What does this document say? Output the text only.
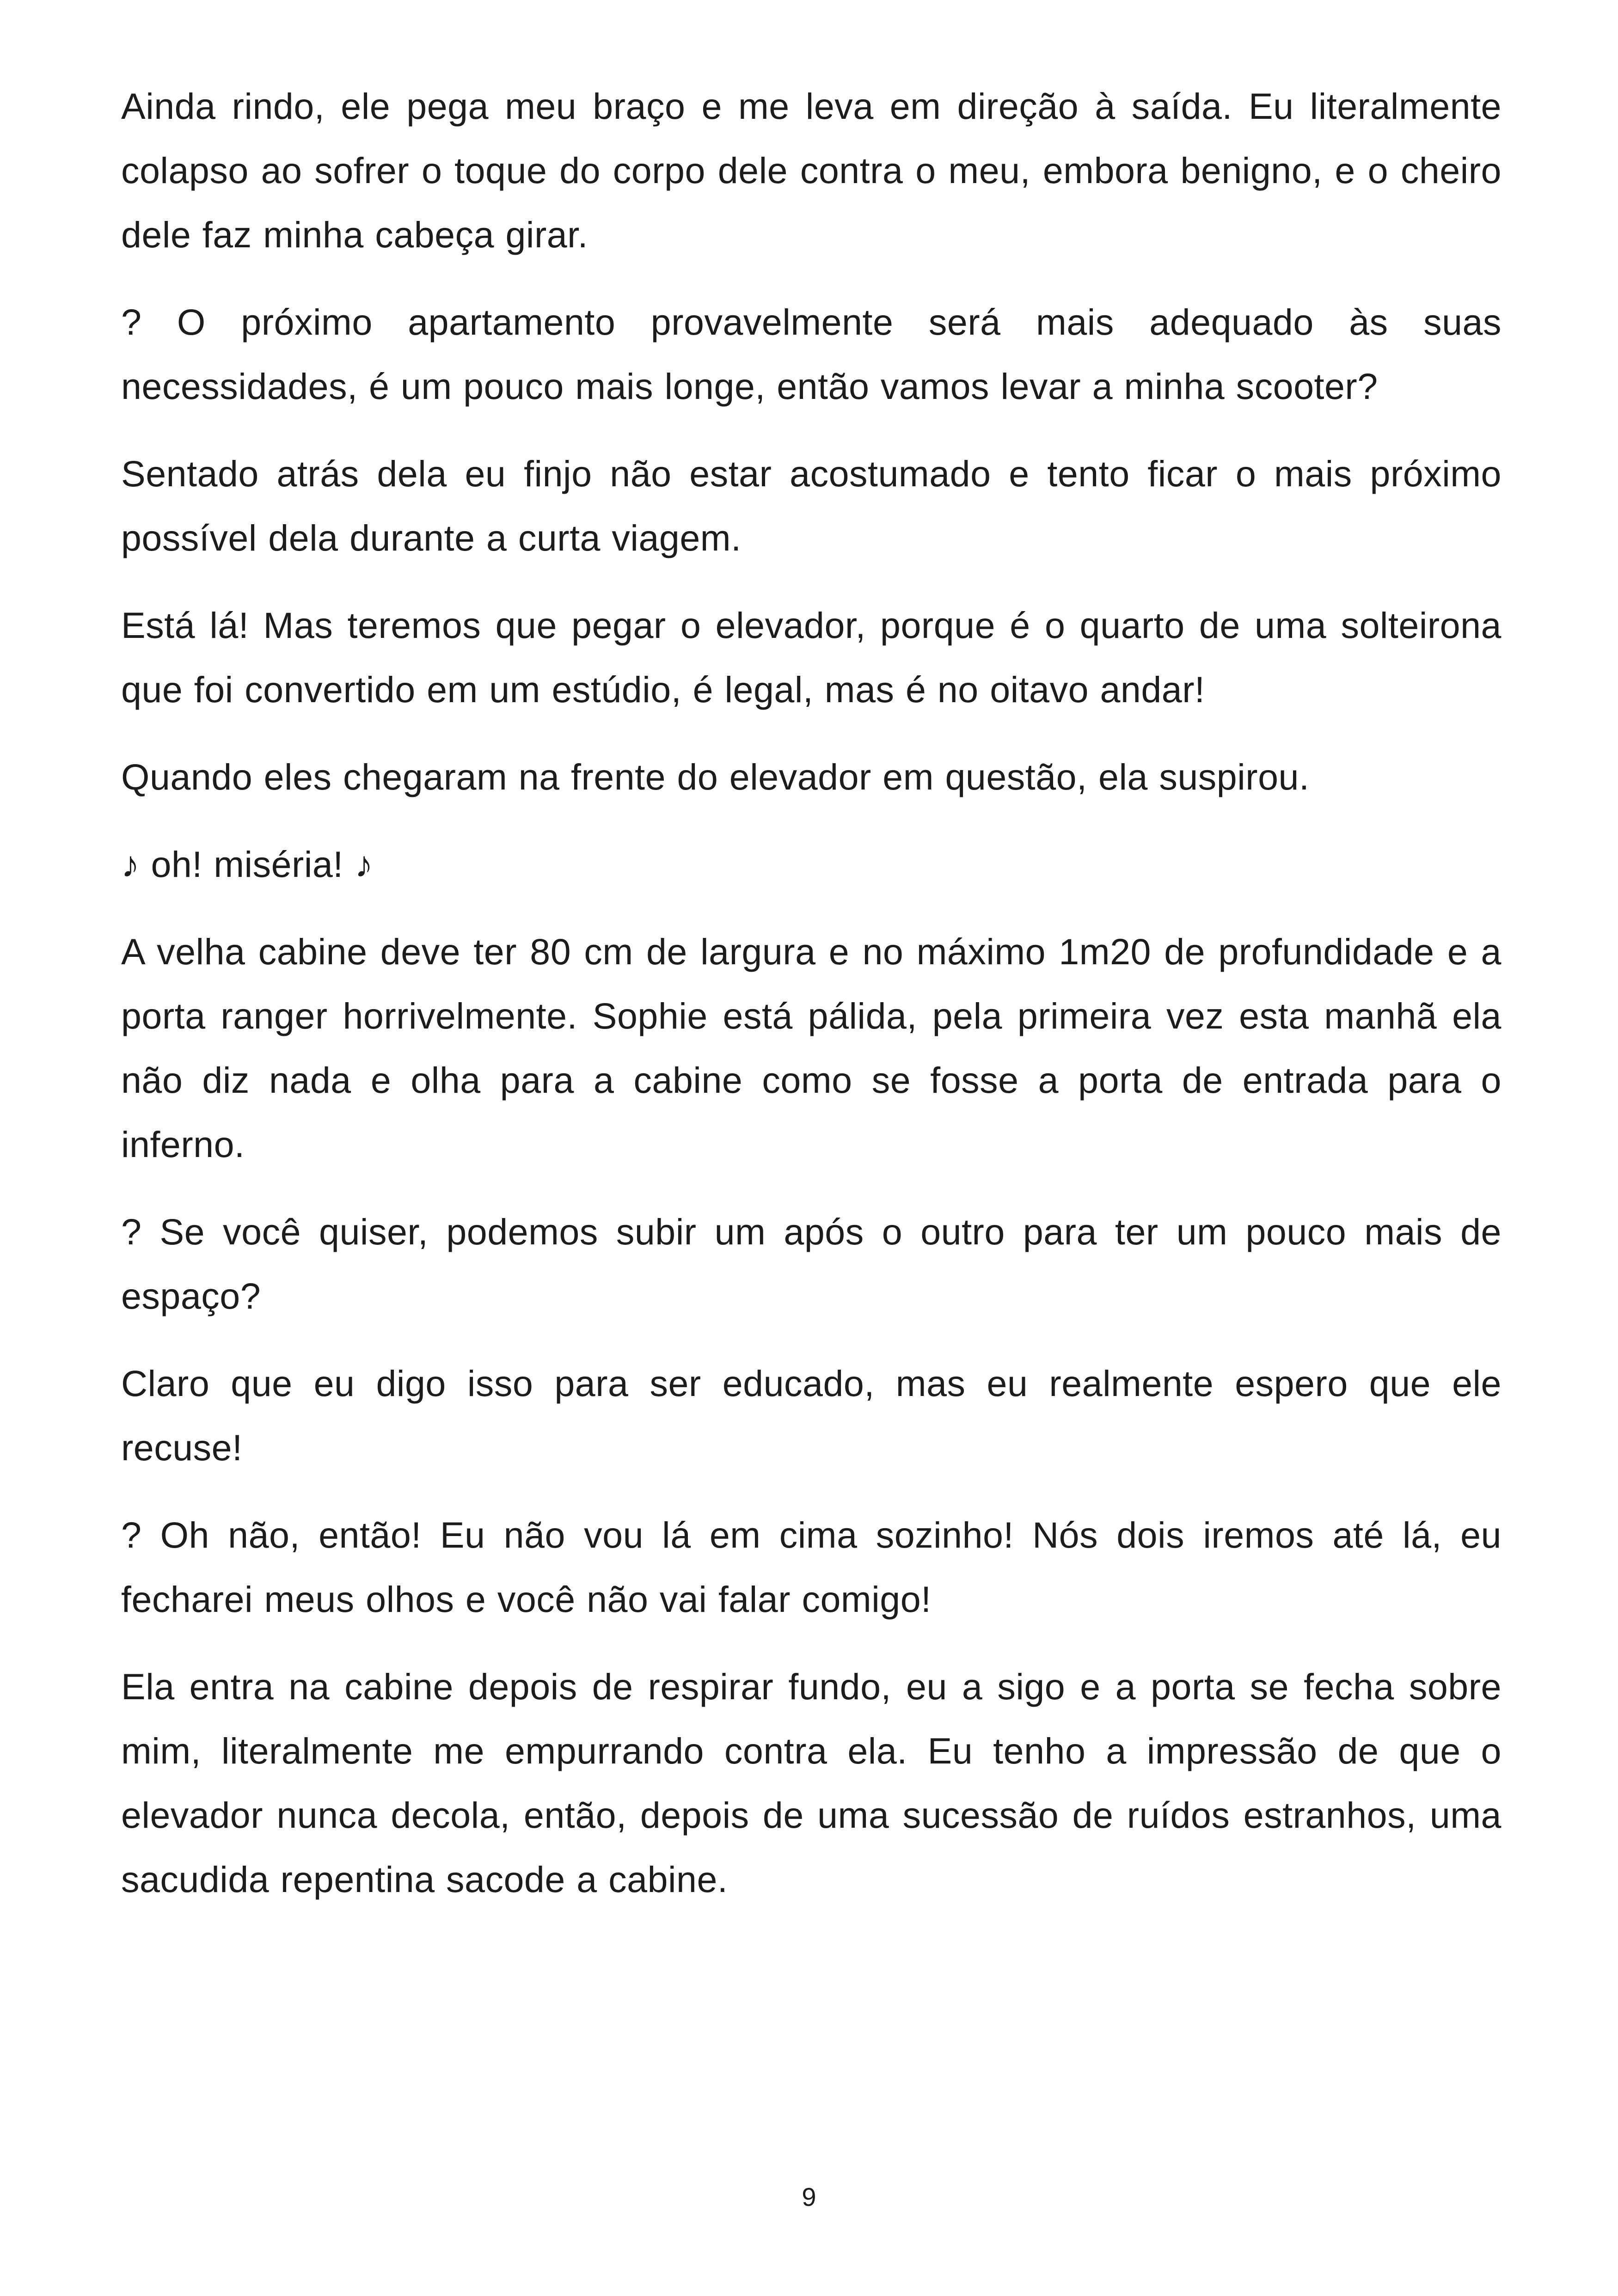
Ainda rindo, ele pega meu braço e me leva em direção à saída. Eu literalmente colapso ao sofrer o toque do corpo dele contra o meu, embora benigno, e o cheiro dele faz minha cabeça girar.

? O próximo apartamento provavelmente será mais adequado às suas necessidades, é um pouco mais longe, então vamos levar a minha scooter?

Sentado atrás dela eu finjo não estar acostumado e tento ficar o mais próximo possível dela durante a curta viagem.

Está lá! Mas teremos que pegar o elevador, porque é o quarto de uma solteirona que foi convertido em um estúdio, é legal, mas é no oitavo andar!

Quando eles chegaram na frente do elevador em questão, ela suspirou.

♪ oh! miséria! ♪

A velha cabine deve ter 80 cm de largura e no máximo 1m20 de profundidade e a porta ranger horrivelmente. Sophie está pálida, pela primeira vez esta manhã ela não diz nada e olha para a cabine como se fosse a porta de entrada para o inferno.

? Se você quiser, podemos subir um após o outro para ter um pouco mais de espaço?

Claro que eu digo isso para ser educado, mas eu realmente espero que ele recuse!

? Oh não, então! Eu não vou lá em cima sozinho! Nós dois iremos até lá, eu fecharei meus olhos e você não vai falar comigo!

Ela entra na cabine depois de respirar fundo, eu a sigo e a porta se fecha sobre mim, literalmente me empurrando contra ela. Eu tenho a impressão de que o elevador nunca decola, então, depois de uma sucessão de ruídos estranhos, uma sacudida repentina sacode a cabine.

9
